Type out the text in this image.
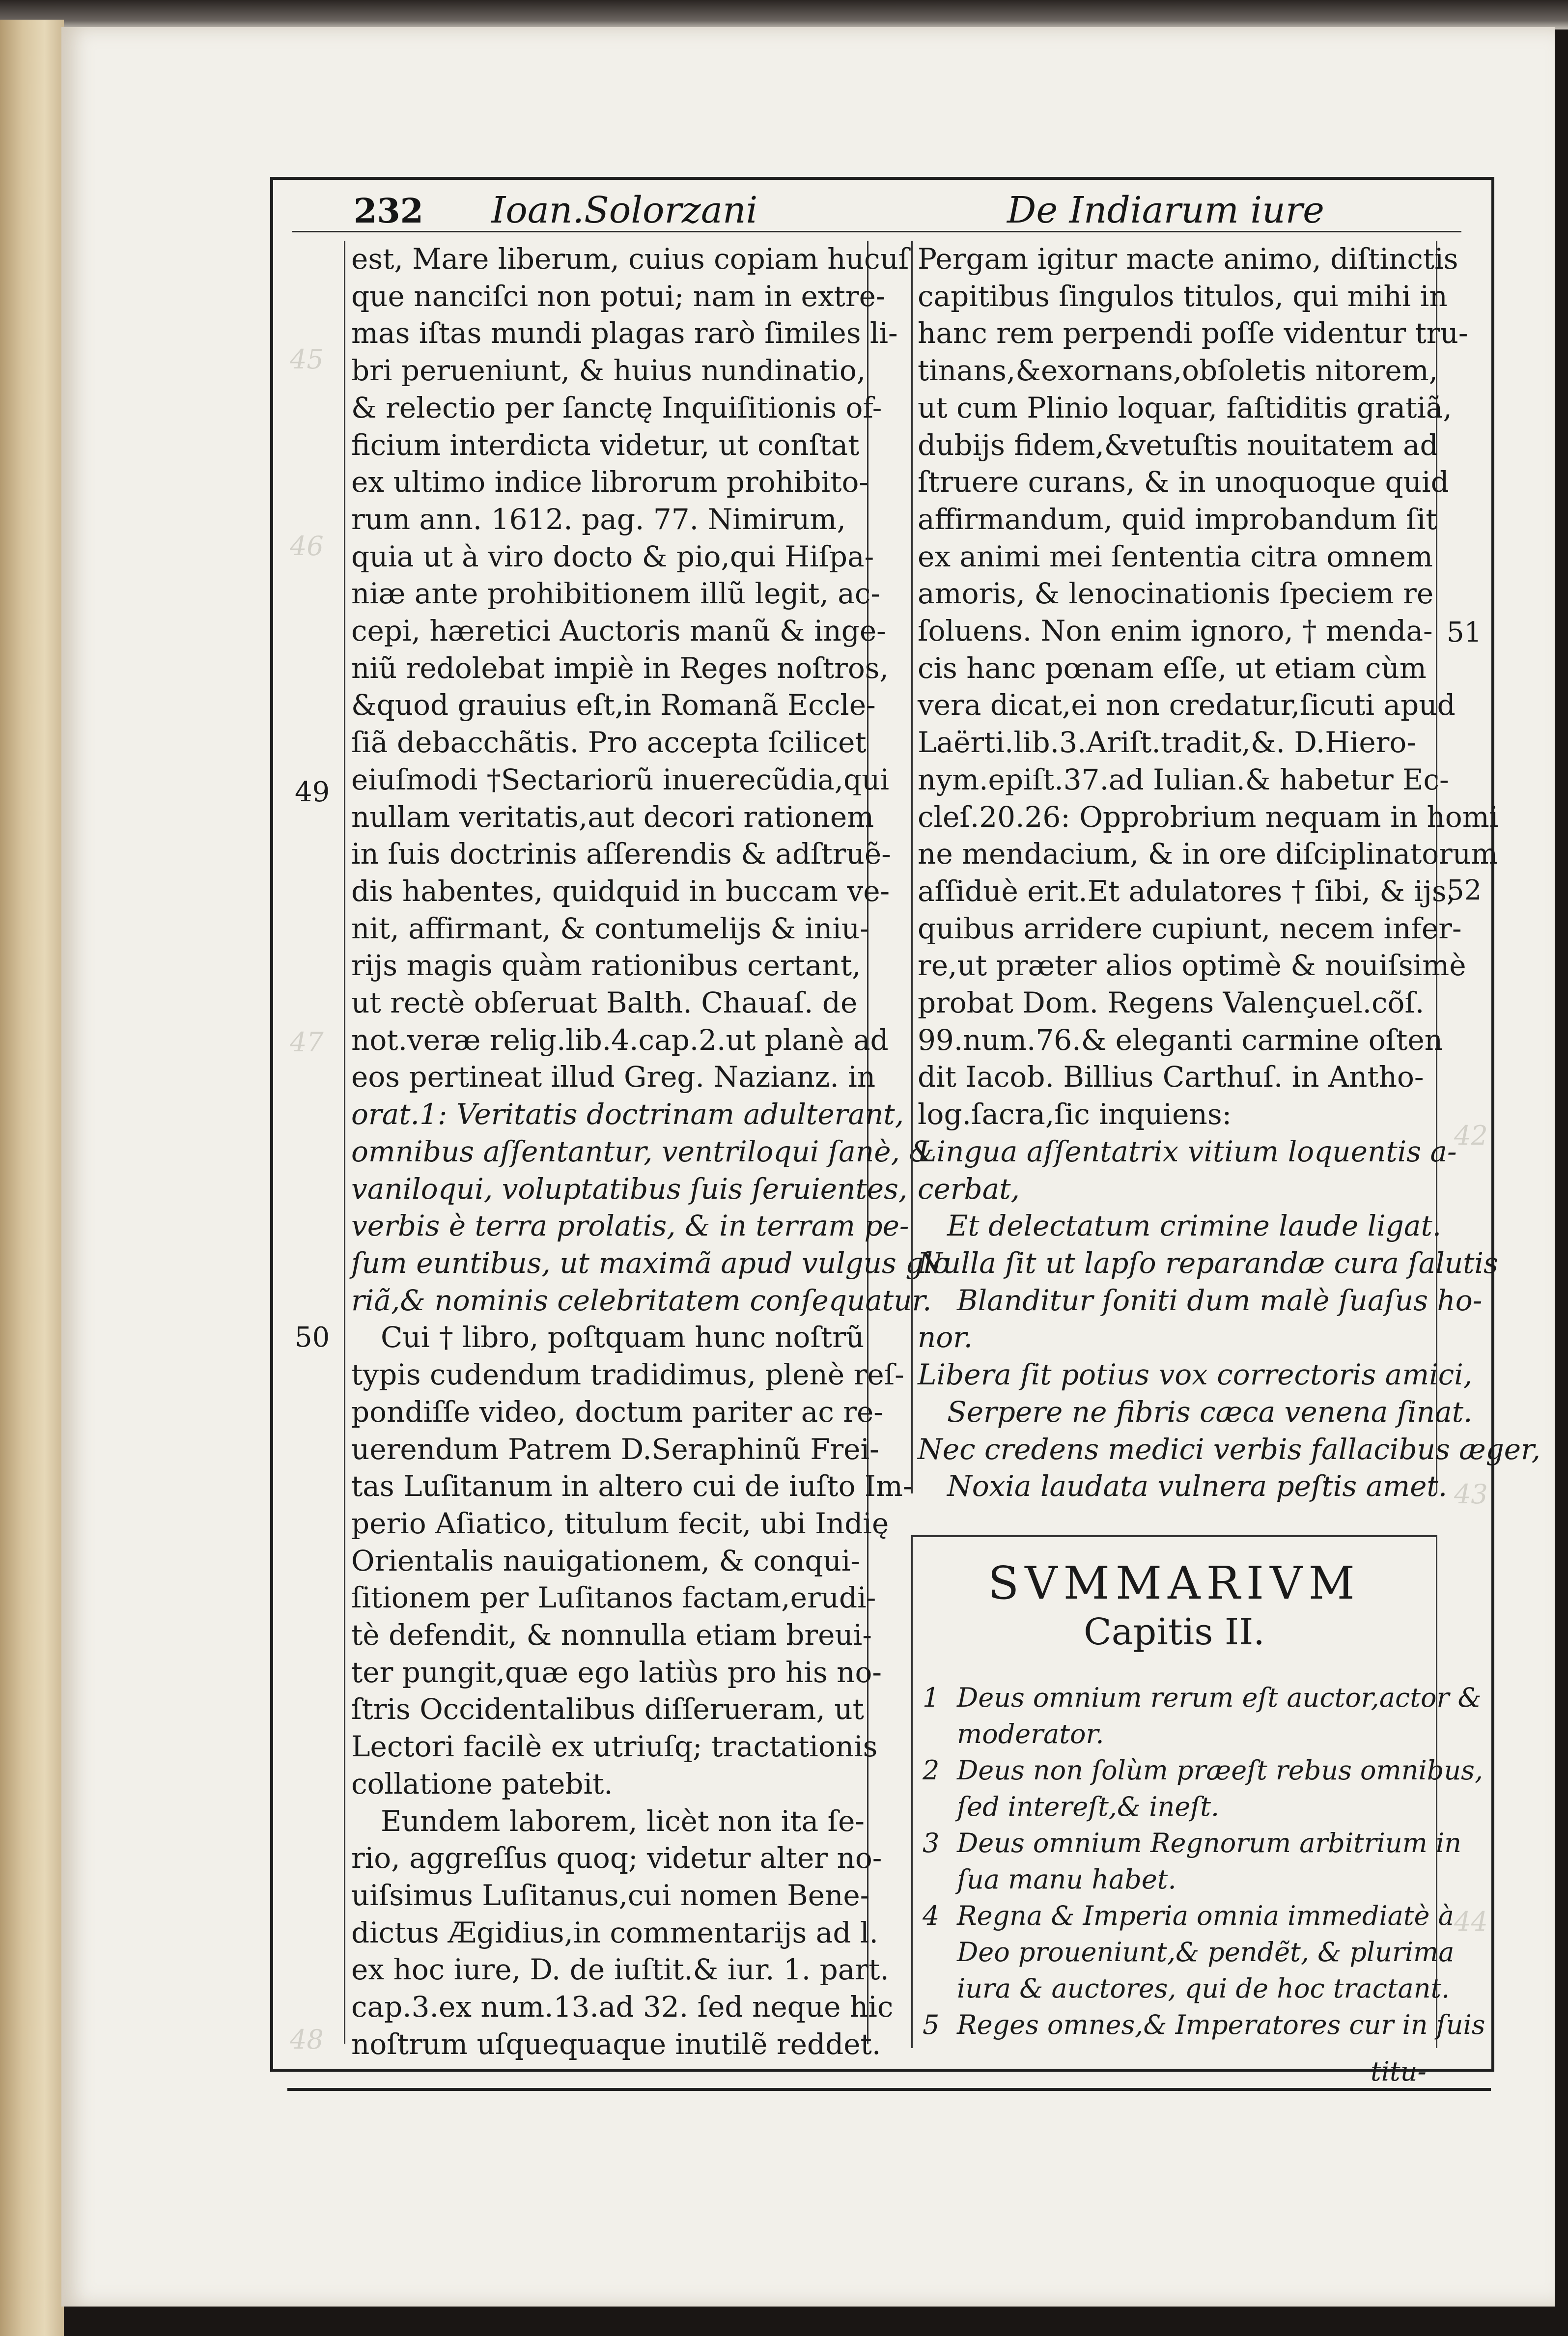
45
46
47
42
43
44
48
232 Ioan.Solorzani	De Indiarum iure
est, Mare liberum, cuius copiam hucuſ
que nanciſci non potui; nam in extre-
mas iſtas mundi plagas rarò ſimiles li-
bri perueniunt, & huius nundinatio,
& relectio per ſanctę Inquiſitionis of-
ficium interdicta videtur, ut conſtat
ex ultimo indice librorum prohibito-
rum ann. 1612. pag. 77. Nimirum,
quia ut à viro docto & pio,qui Hiſpa-
niæ ante prohibitionem illũ legit, ac-
cepi, hæretici Auctoris manũ & inge-
niũ redolebat impiè in Reges noſtros,
&quod grauius eſt,in Romanã Eccle-
ſiã debacchãtis. Pro accepta ſcilicet
eiuſmodi †Sectariorũ inuerecũdia,qui
nullam veritatis,aut decori rationem
in ſuis doctrinis aſſerendis & adſtruẽ-
dis habentes, quidquid in buccam ve-
nit, affirmant, & contumelijs & iniu-
rijs magis quàm rationibus certant,
ut rectè obſeruat Balth. Chauaſ. de
not.veræ relig.lib.4.cap.2.ut planè ad
eos pertineat illud Greg. Nazianz. in
orat.1: Veritatis doctrinam adulterant,
omnibus aſſentantur, ventriloqui ſanè, &
vaniloqui, voluptatibus ſuis ſeruientes,
verbis è terra prolatis, & in terram pe-
ſum euntibus, ut maximã apud vulgus glo
riã,& nominis celebritatem conſequatur.
Cui † libro, poſtquam hunc noſtrũ
typis cudendum tradidimus, plenè reſ-
pondiſſe video, doctum pariter ac re-
uerendum Patrem D.Seraphinũ Frei-
tas Luſitanum in altero cui de iuſto Im-
perio Aſiatico, titulum fecit, ubi Indię
Orientalis nauigationem, & conqui-
ſitionem per Luſitanos factam,erudi-
tè defendit, & nonnulla etiam breui-
ter pungit,quæ ego latiùs pro his no-
ſtris Occidentalibus diſſerueram, ut
Lectori facilè ex utriuſq; tractationis
collatione patebit.
Eundem laborem, licèt non ita ſe-
rio, aggreſſus quoq; videtur alter no-
uiſsimus Luſitanus,cui nomen Bene-
dictus Ægidius,in commentarijs ad l.
ex hoc iure, D. de iuſtit.& iur. 1. part.
cap.3.ex num.13.ad 32. ſed neque hic
noſtrum uſquequaque inutilẽ reddet.
Pergam igitur macte animo, diſtinctis
capitibus ſingulos titulos, qui mihi in
hanc rem perpendi poſſe videntur tru-
tinans,&exornans,obſoletis nitorem,
ut cum Plinio loquar, faſtiditis gratiã,
dubijs fidem,&vetuſtis nouitatem ad
ſtruere curans, & in unoquoque quid
affirmandum, quid improbandum ſit
ex animi mei ſententia citra omnem
amoris, & lenocinationis ſpeciem re
ſoluens. Non enim ignoro, † menda-
cis hanc pœnam eſſe, ut etiam cùm
vera dicat,ei non credatur,ſicuti apud
Laërti.lib.3.Ariſt.tradit,&. D.Hiero-
nym.epiſt.37.ad Iulian.& habetur Ec-
cleſ.20.26: Opprobrium nequam in homi
ne mendacium, & in ore diſciplinatorum
aſſiduè erit.Et adulatores † ſibi, & ijs,
quibus arridere cupiunt, necem infer-
re,ut præter alios optimè & nouiſsimè
probat Dom. Regens Valençuel.cõſ.
99.num.76.& eleganti carmine oſten
dit Iacob. Billius Carthuſ. in Antho-
log.ſacra,ſic inquiens:
Lingua aſſentatrix vitium loquentis a-
cerbat,
Et delectatum crimine laude ligat.
Nulla ſit ut lapſo reparandæ cura ſalutis
Blanditur ſoniti dum malè ſuaſus ho-
nor.
Libera ſit potius vox correctoris amici,
Serpere ne fibris cæca venena ſinat.
Nec credens medici verbis fallacibus æger,
Noxia laudata vulnera peſtis amet.
49
50
51
52
SVMMARIVM
Capitis II.
1 Deus omnium rerum eſt auctor,actor &
moderator.
2 Deus non ſolùm præeſt rebus omnibus,
ſed intereſt,& ineſt.
3 Deus omnium Regnorum arbitrium in
ſua manu habet.
4 Regna & Imperia omnia immediatè à
Deo proueniunt,& pendẽt, & plurima
iura & auctores, qui de hoc tractant.
5 Reges omnes,& Imperatores cur in ſuis
titu-
